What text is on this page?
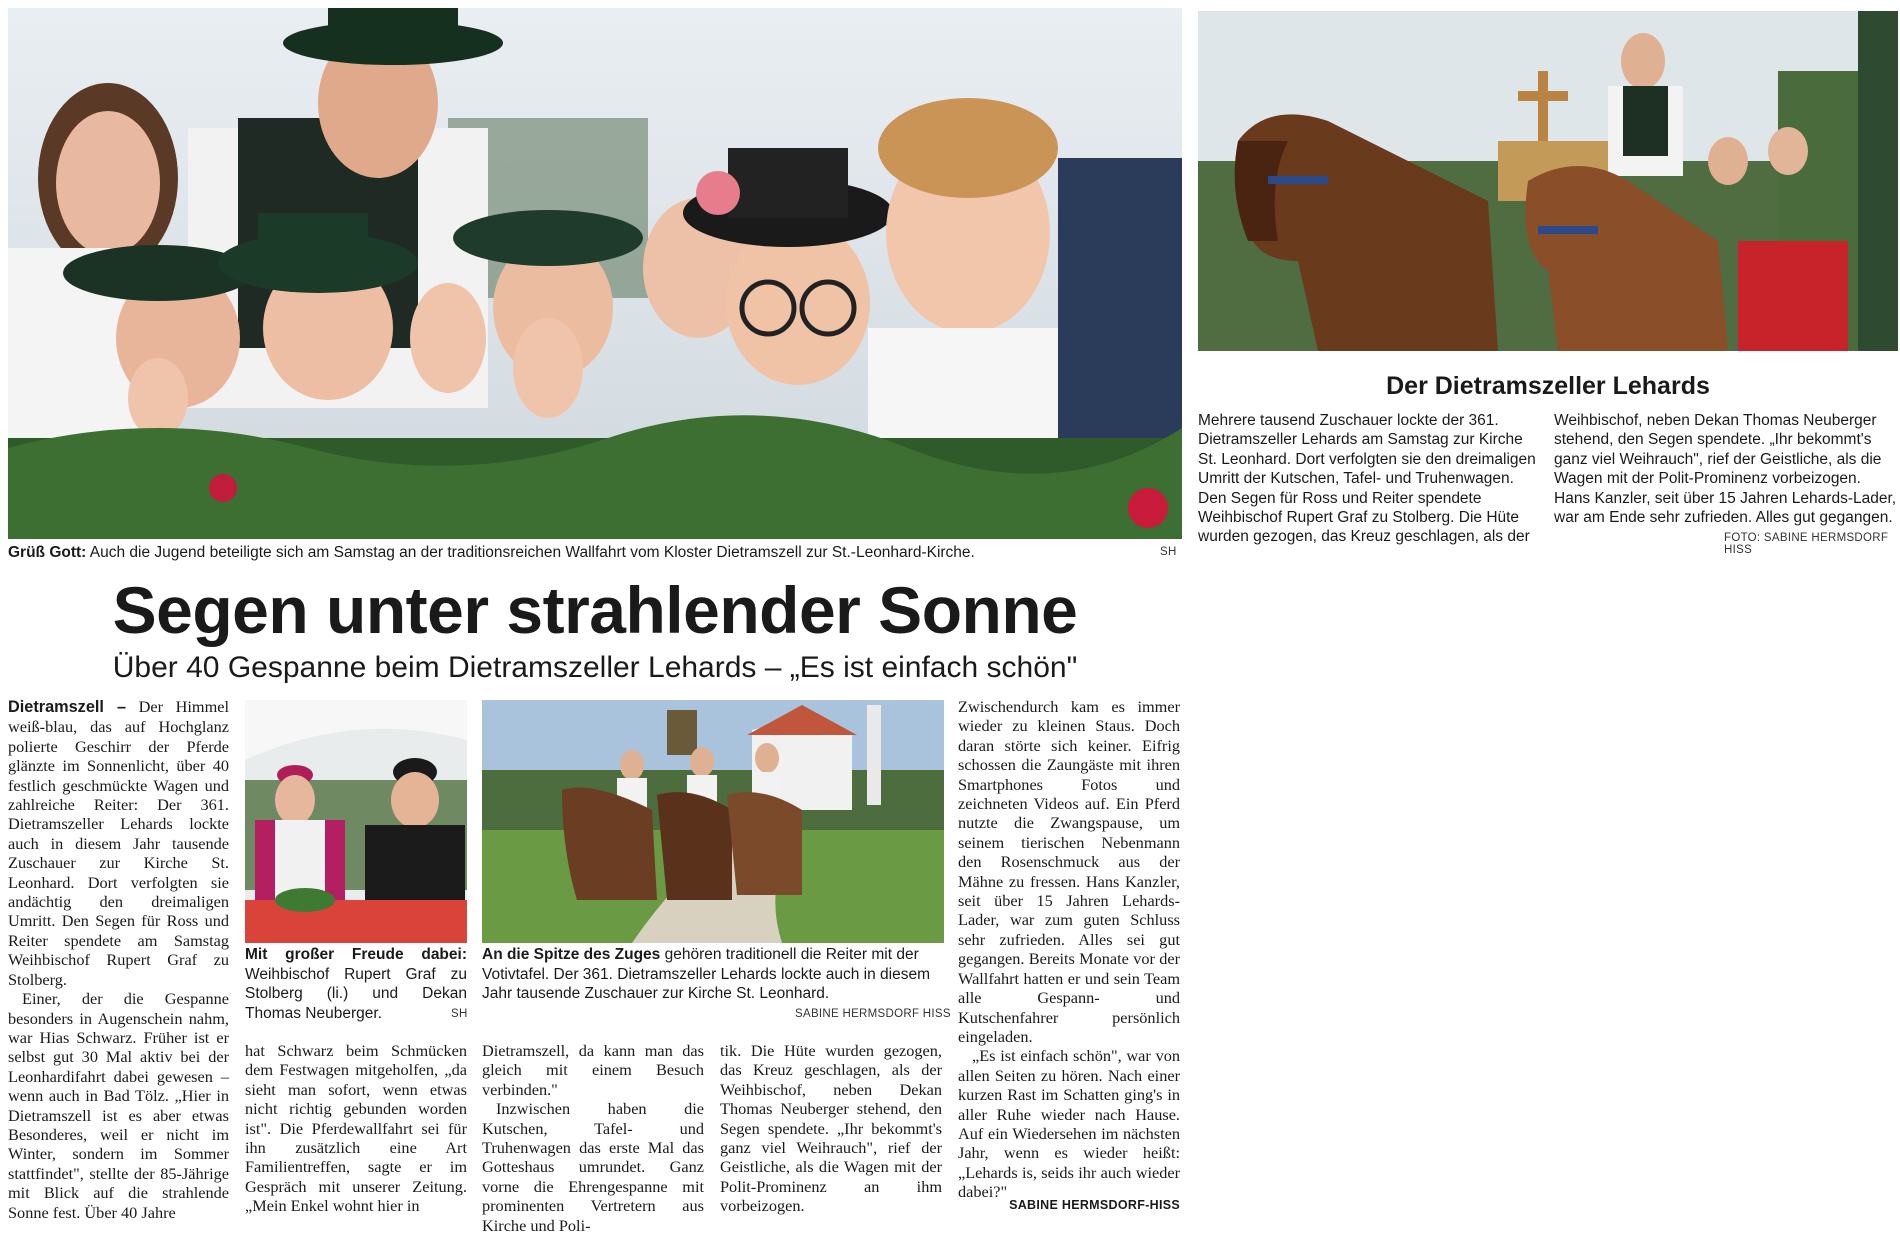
Grüß Gott: Auch die Jugend beteiligte sich am Samstag an der traditionsreichen Wallfahrt vom Kloster Dietramszell zur St.-Leonhard-Kirche.	SH
Der Dietramszeller Lehards

Mehrere tausend Zuschauer lockte der 361. Dietramszeller Lehards am Samstag zur Kirche St. Leonhard. Dort verfolgten sie den dreimaligen Umritt der Kutschen, Tafel- und Truhenwagen. Den Segen für Ross und Reiter spendete Weihbischof Rupert Graf zu Stolberg. Die Hüte wurden gezogen, das Kreuz geschlagen, als der

Weihbischof, neben Dekan Thomas Neuberger stehend, den Segen spendete. „Ihr bekommt's ganz viel Weihrauch", rief der Geistliche, als die Wagen mit der Polit-Prominenz vorbeizogen. Hans Kanzler, seit über 15 Jahren Lehards-Lader, war am Ende sehr zufrieden. Alles gut gegangen.

FOTO: SABINE HERMSDORF HISS
Segen unter strahlender Sonne
Über 40 Gespanne beim Dietramszeller Lehards – „Es ist einfach schön"

Dietramszell – Der Himmel weiß-blau, das auf Hochglanz polierte Geschirr der Pferde glänzte im Sonnenlicht, über 40 festlich geschmückte Wagen und zahlreiche Reiter: Der 361. Dietramszeller Lehards lockte auch in diesem Jahr tausende Zuschauer zur Kirche St. Leonhard. Dort verfolgten sie andächtig den dreimaligen Umritt. Den Segen für Ross und Reiter spendete am Samstag Weihbischof Rupert Graf zu Stolberg.

Einer, der die Gespanne besonders in Augenschein nahm, war Hias Schwarz. Früher ist er selbst gut 30 Mal aktiv bei der Leonhardifahrt dabei gewesen – wenn auch in Bad Tölz. „Hier in Dietramszell ist es aber etwas Besonderes, weil er nicht im Winter, sondern im Sommer stattfindet", stellte der 85-Jährige mit Blick auf die strahlende Sonne fest. Über 40 Jahre

Mit großer Freude dabei: Weihbischof Rupert Graf zu Stolberg (li.) und Dekan Thomas Neuberger.	SH
An die Spitze des Zuges gehören traditionell die Reiter mit der Votivtafel. Der 361. Dietramszeller Lehards lockte auch in diesem Jahr tausende Zuschauer zur Kirche St. Leonhard.
SABINE HERMSDORF HISS

hat Schwarz beim Schmücken dem Festwagen mitgeholfen, „da sieht man sofort, wenn etwas nicht richtig gebunden worden ist". Die Pferdewallfahrt sei für ihn zusätzlich eine Art Familientreffen, sagte er im Gespräch mit unserer Zeitung. „Mein Enkel wohnt hier in

Dietramszell, da kann man das gleich mit einem Besuch verbinden."

Inzwischen haben die Kutschen, Tafel- und Truhenwagen das erste Mal das Gotteshaus umrundet. Ganz vorne die Ehrengespanne mit prominenten Vertretern aus Kirche und Poli-

tik. Die Hüte wurden gezogen, das Kreuz geschlagen, als der Weihbischof, neben Dekan Thomas Neuberger stehend, den Segen spendete. „Ihr bekommt's ganz viel Weihrauch", rief der Geistliche, als die Wagen mit der Polit-Prominenz an ihm vorbeizogen.

Zwischendurch kam es immer wieder zu kleinen Staus. Doch daran störte sich keiner. Eifrig schossen die Zaungäste mit ihren Smartphones Fotos und zeichneten Videos auf. Ein Pferd nutzte die Zwangspause, um seinem tierischen Nebenmann den Rosenschmuck aus der Mähne zu fressen. Hans Kanzler, seit über 15 Jahren Lehards-Lader, war zum guten Schluss sehr zufrieden. Alles sei gut gegangen. Bereits Monate vor der Wallfahrt hatten er und sein Team alle Gespann- und Kutschenfahrer persönlich eingeladen.

„Es ist einfach schön", war von allen Seiten zu hören. Nach einer kurzen Rast im Schatten ging's in aller Ruhe wieder nach Hause. Auf ein Wiedersehen im nächsten Jahr, wenn es wieder heißt: „Lehards is, seids ihr auch wieder dabei?"

SABINE HERMSDORF-HISS
